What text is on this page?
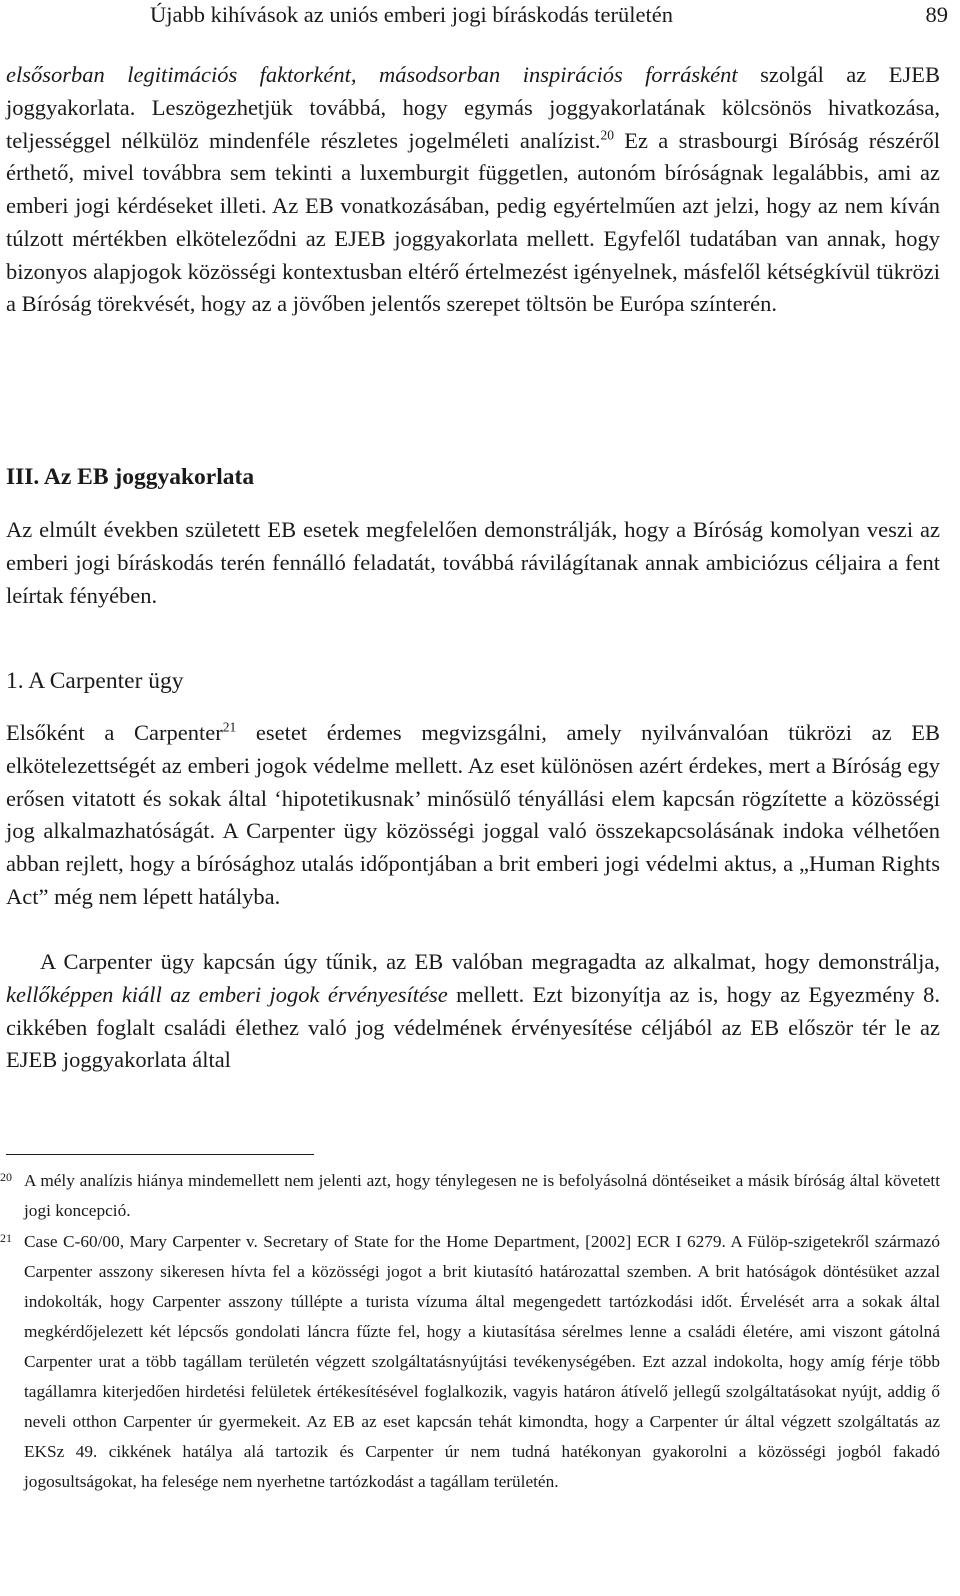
Újabb kihívások az uniós emberi jogi bíráskodás területén	89

elsősorban legitimációs faktorként, másodsorban inspirációs forrásként szolgál az EJEB joggyakorlata. Leszögezhetjük továbbá, hogy egymás joggyakorlatának kölcsönös hivatkozása, teljességgel nélkülöz mindenféle részletes jogelméleti analízist.$^{20}$ Ez a strasbourgi Bíróság részéről érthető, mivel továbbra sem tekinti a luxemburgit független, autonóm bíróságnak legalábbis, ami az emberi jogi kérdéseket illeti. Az EB vonatkozásában, pedig egyértelműen azt jelzi, hogy az nem kíván túlzott mértékben elköteleződni az EJEB joggyakorlata mellett. Egyfelől tudatában van annak, hogy bizonyos alapjogok közösségi kontextusban eltérő értelmezést igényelnek, másfelől kétségkívül tükrözi a Bíróság törekvését, hogy az a jövőben jelentős szerepet töltsön be Európa színterén.

III. Az EB joggyakorlata

Az elmúlt években született EB esetek megfelelően demonstrálják, hogy a Bíróság komolyan veszi az emberi jogi bíráskodás terén fennálló feladatát, továbbá rávilágítanak annak ambiciózus céljaira a fent leírtak fényében.

1. A Carpenter ügy

Elsőként a Carpenter$^{21}$ esetet érdemes megvizsgálni, amely nyilvánvalóan tükrözi az EB elkötelezettségét az emberi jogok védelme mellett. Az eset különösen azért érdekes, mert a Bíróság egy erősen vitatott és sokak által ‘hipotetikusnak’ minősülő tényállási elem kapcsán rögzítette a közösségi jog alkalmazhatóságát. A Carpenter ügy közösségi joggal való összekapcsolásának indoka vélhetően abban rejlett, hogy a bírósághoz utalás időpontjában a brit emberi jogi védelmi aktus, a „Human Rights Act” még nem lépett hatályba.

A Carpenter ügy kapcsán úgy tűnik, az EB valóban megragadta az alkalmat, hogy demonstrálja, kellőképpen kiáll az emberi jogok érvényesítése mellett. Ezt bizonyítja az is, hogy az Egyezmény 8. cikkében foglalt családi élethez való jog védelmének érvényesítése céljából az EB először tér le az EJEB joggyakorlata által

20 A mély analízis hiánya mindemellett nem jelenti azt, hogy ténylegesen ne is befolyásolná döntéseiket a másik bíróság által követett jogi koncepció.

21 Case C-60/00, Mary Carpenter v. Secretary of State for the Home Department, [2002] ECR I 6279. A Fülöp-szigetekről származó Carpenter asszony sikeresen hívta fel a közösségi jogot a brit kiutasító határozattal szemben. A brit hatóságok döntésüket azzal indokolták, hogy Carpenter asszony túllépte a turista vízuma által megengedett tartózkodási időt. Érvelését arra a sokak által megkérdőjelezett két lépcsős gondolati láncra fűzte fel, hogy a kiutasítása sérelmes lenne a családi életére, ami viszont gátolná Carpenter urat a több tagállam területén végzett szolgáltatásnyújtási tevékenységében. Ezt azzal indokolta, hogy amíg férje több tagállamra kiterjedően hirdetési felületek értékesítésével foglalkozik, vagyis határon átívelő jellegű szolgáltatásokat nyújt, addig ő neveli otthon Carpenter úr gyermekeit. Az EB az eset kapcsán tehát kimondta, hogy a Carpenter úr által végzett szolgáltatás az EKSz 49. cikkének hatálya alá tartozik és Carpenter úr nem tudná hatékonyan gyakorolni a közösségi jogból fakadó jogosultságokat, ha felesége nem nyerhetne tartózkodást a tagállam területén.
